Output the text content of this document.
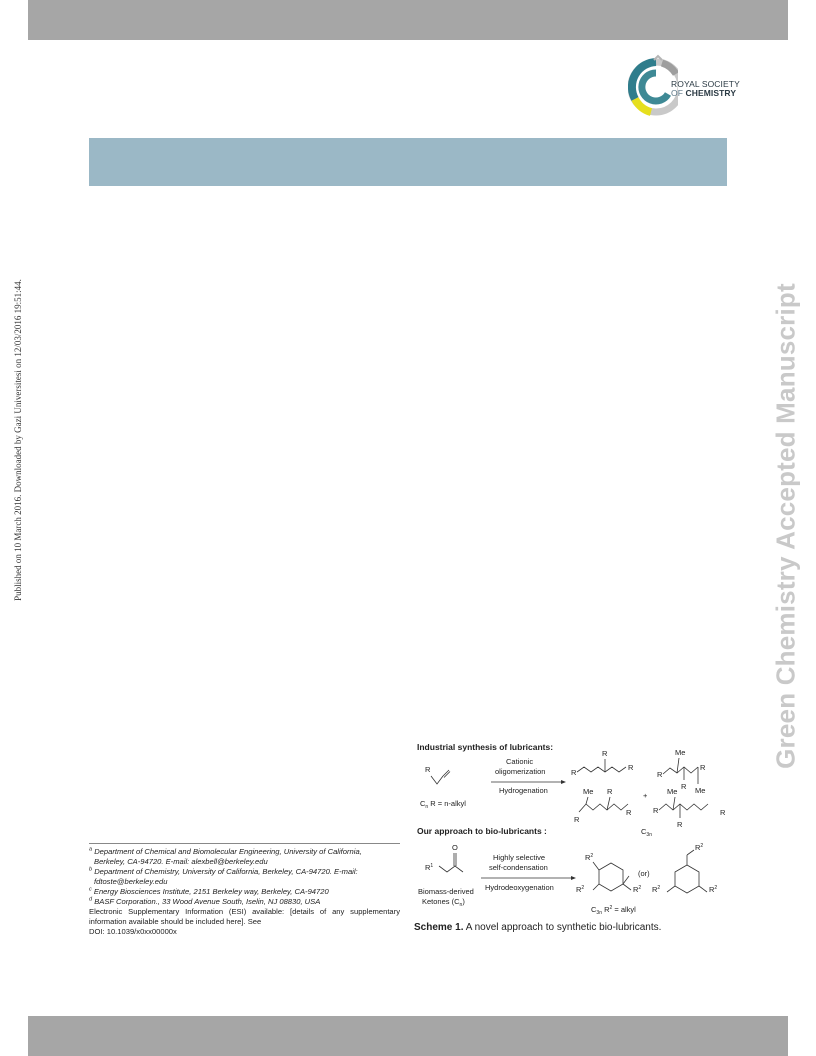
ROYAL SOCIETY
OF CHEMISTRY
Published on 10 March 2016. Downloaded by Gazi Universitesi on 12/03/2016 19:51:44.	Green Chemistry Accepted Manuscript
Industrial synthesis of lubricants:
R
$C_n$ R = n-alkyl
Cationic
oligomerization
Hydrogenation
R
R
R
Me
R
R
R
Me
+
Me R
R
R
Me
R
R
R
$C_{3n}$
Our approach to bio-lubricants :
$R^1$
O
Biomass-derived
Ketones $(C_n)$
Highly selective
self-condensation
Hydrodeoxygenation
$R^2$
$R^2$	$R^2$
(or)
$R^2$
$R^2$	$R^2$
$C_{3n}$ $R^2$ = alkyl
Scheme 1. A novel approach to synthetic bio-lubricants.
$^a$ Department of Chemical and Biomolecular Engineering, University of California,
Berkeley, CA-94720. E-mail: alexbell@berkeley.edu
$^b$ Department of Chemistry, University of California, Berkeley, CA-94720. E-mail:
fdtoste@berkeley.edu
$^c$ Energy Biosciences Institute, 2151 Berkeley way, Berkeley, CA-94720
$^d$ BASF Corporation., 33 Wood Avenue South, Iselin, NJ 08830, USA
Electronic Supplementary Information (ESI) available: [details of any supplementary information available should be included here]. See
DOI: 10.1039/x0xx00000x
